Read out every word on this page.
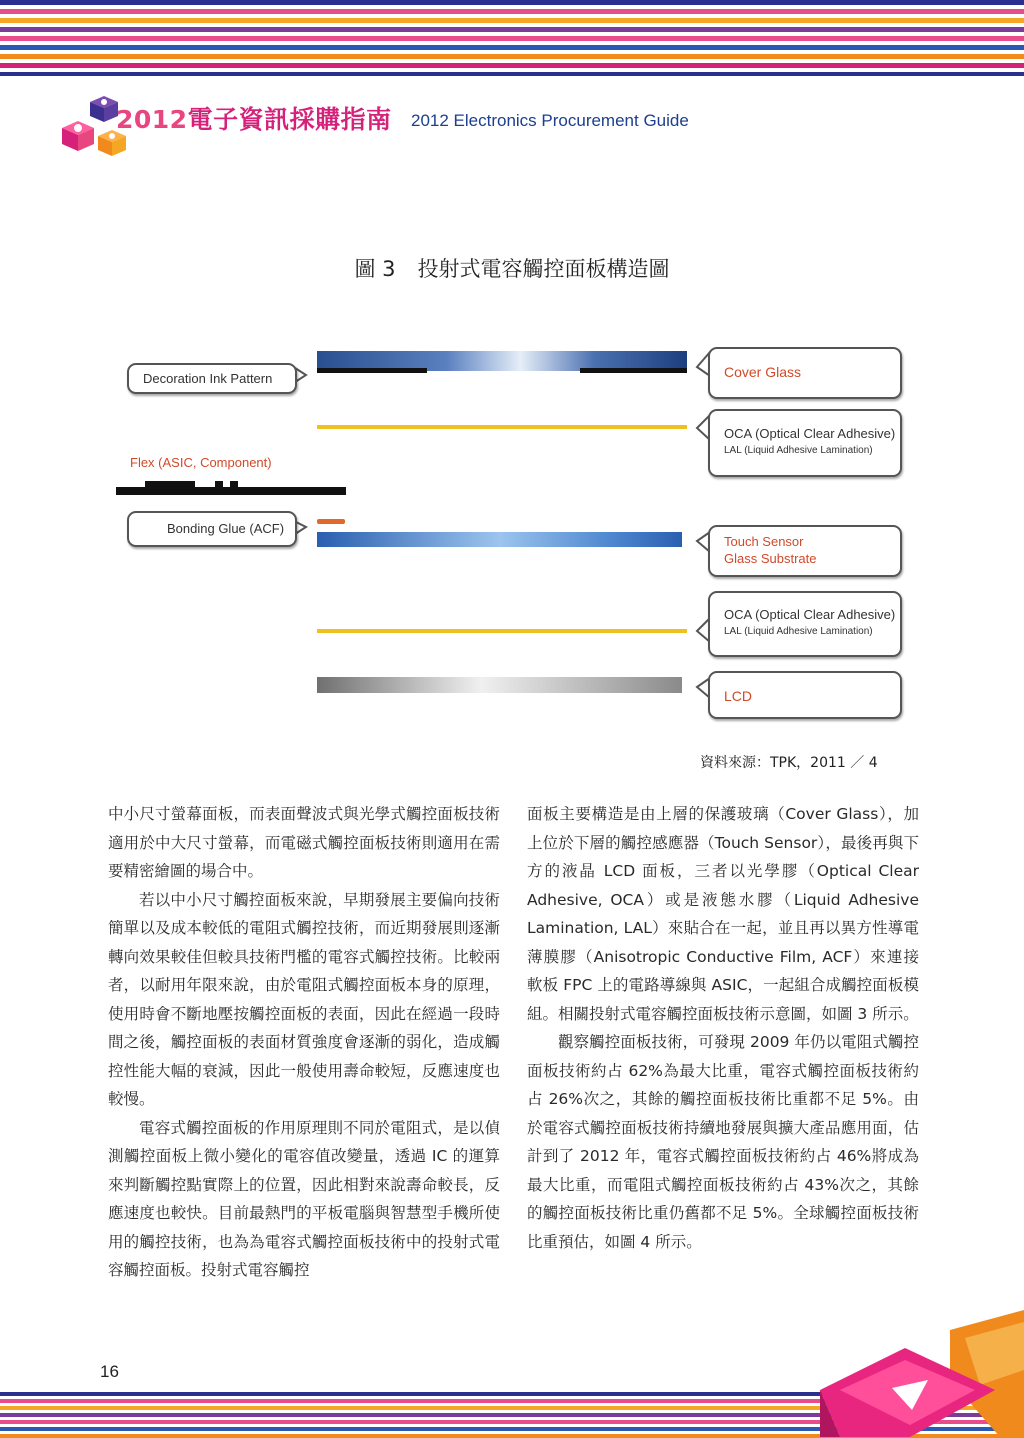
2012電子資訊採購指南 2012 Electronics Procurement Guide
圖 3 投射式電容觸控面板構造圖
Decoration Ink Pattern
Flex (ASIC, Component)
Bonding Glue (ACF)
Cover Glass
OCA (Optical Clear Adhesive)
LAL (Liquid Adhesive Lamination)
Touch Sensor
Glass Substrate
OCA (Optical Clear Adhesive)
LAL (Liquid Adhesive Lamination)
LCD
資料來源：TPK，2011 ／ 4

中小尺寸螢幕面板，而表面聲波式與光學式觸控面板技術適用於中大尺寸螢幕，而電磁式觸控面板技術則適用在需要精密繪圖的場合中。

若以中小尺寸觸控面板來說，早期發展主要偏向技術簡單以及成本較低的電阻式觸控技術，而近期發展則逐漸轉向效果較佳但較具技術門檻的電容式觸控技術。比較兩者，以耐用年限來說，由於電阻式觸控面板本身的原理，使用時會不斷地壓按觸控面板的表面，因此在經過一段時間之後，觸控面板的表面材質強度會逐漸的弱化，造成觸控性能大幅的衰減，因此一般使用壽命較短，反應速度也較慢。

電容式觸控面板的作用原理則不同於電阻式，是以偵測觸控面板上微小變化的電容值改變量，透過 IC 的運算來判斷觸控點實際上的位置，因此相對來說壽命較長，反應速度也較快。目前最熱門的平板電腦與智慧型手機所使用的觸控技術，也為為電容式觸控面板技術中的投射式電容觸控面板。投射式電容觸控

面板主要構造是由上層的保護玻璃（Cover Glass），加上位於下層的觸控感應器（Touch Sensor），最後再與下方的液晶 LCD 面板，三者以光學膠（Optical Clear Adhesive, OCA）或是液態水膠（Liquid Adhesive Lamination, LAL）來貼合在一起，並且再以異方性導電薄膜膠（Anisotropic Conductive Film, ACF）來連接軟板 FPC 上的電路導線與 ASIC，一起組合成觸控面板模組。相關投射式電容觸控面板技術示意圖，如圖 3 所示。

觀察觸控面板技術，可發現 2009 年仍以電阻式觸控面板技術約占 62%為最大比重，電容式觸控面板技術約占 26%次之，其餘的觸控面板技術比重都不足 5%。由於電容式觸控面板技術持續地發展與擴大產品應用面，估計到了 2012 年，電容式觸控面板技術約占 46%將成為最大比重，而電阻式觸控面板技術約占 43%次之，其餘的觸控面板技術比重仍舊都不足 5%。全球觸控面板技術比重預估，如圖 4 所示。

16
